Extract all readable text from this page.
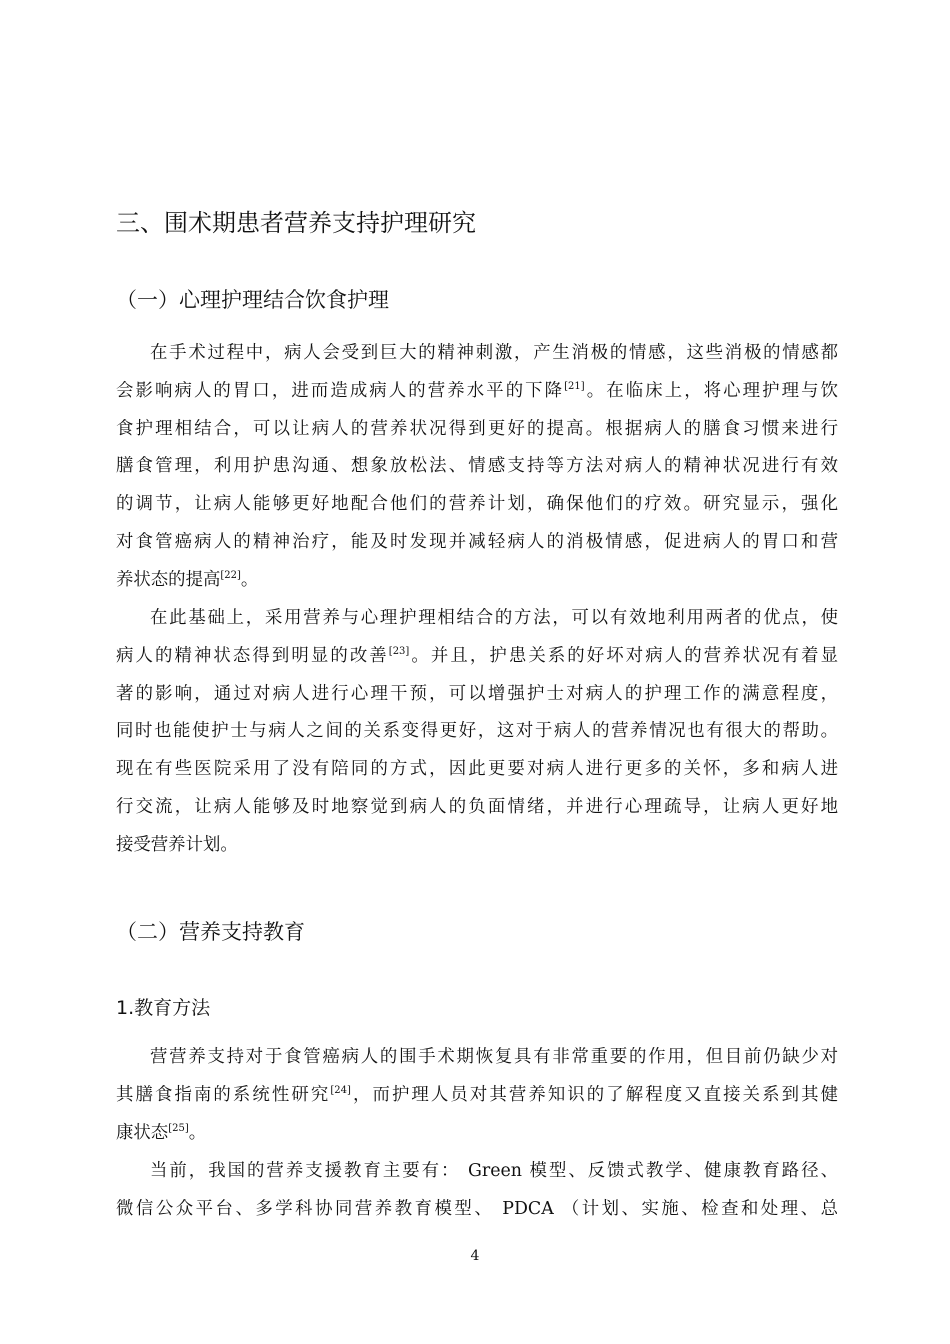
三、围术期患者营养支持护理研究
（一）心理护理结合饮食护理
在手术过程中，病人会受到巨大的精神刺激，产生消极的情感，这些消极的情感都
会影响病人的胃口，进而造成病人的营养水平的下降[21]。在临床上，将心理护理与饮
食护理相结合，可以让病人的营养状况得到更好的提高。根据病人的膳食习惯来进行
膳食管理，利用护患沟通、想象放松法、情感支持等方法对病人的精神状况进行有效
的调节，让病人能够更好地配合他们的营养计划，确保他们的疗效。研究显示，强化
对食管癌病人的精神治疗，能及时发现并减轻病人的消极情感，促进病人的胃口和营
养状态的提高[22]。
在此基础上，采用营养与心理护理相结合的方法，可以有效地利用两者的优点，使
病人的精神状态得到明显的改善[23]。并且，护患关系的好坏对病人的营养状况有着显
著的影响，通过对病人进行心理干预，可以增强护士对病人的护理工作的满意程度，
同时也能使护士与病人之间的关系变得更好，这对于病人的营养情况也有很大的帮助。
现在有些医院采用了没有陪同的方式，因此更要对病人进行更多的关怀，多和病人进
行交流，让病人能够及时地察觉到病人的负面情绪，并进行心理疏导，让病人更好地
接受营养计划。
（二）营养支持教育
1.教育方法
营营养支持对于食管癌病人的围手术期恢复具有非常重要的作用，但目前仍缺少对
其膳食指南的系统性研究[24]，而护理人员对其营养知识的了解程度又直接关系到其健
康状态[25]。
当前，我国的营养支援教育主要有： Green 模型、反馈式教学、健康教育路径、
微信公众平台、多学科协同营养教育模型、 PDCA （计划、实施、检查和处理、总
4
